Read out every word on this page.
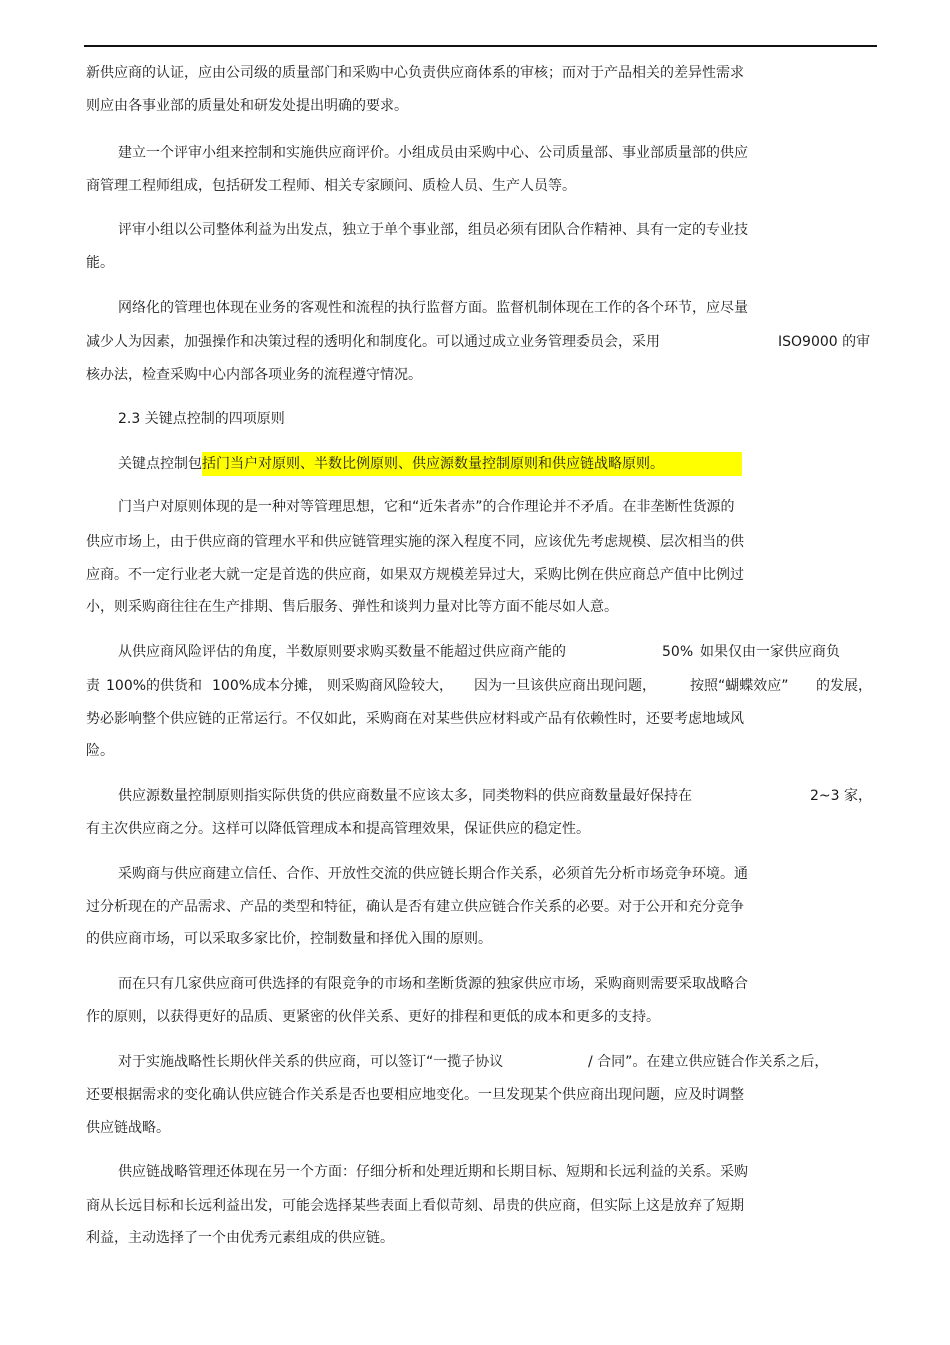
新供应商的认证，应由公司级的质量部门和采购中心负责供应商体系的审核；而对于产品相关的差异性需求
则应由各事业部的质量处和研发处提出明确的要求。
建立一个评审小组来控制和实施供应商评价。小组成员由采购中心、公司质量部、事业部质量部的供应
商管理工程师组成，包括研发工程师、相关专家顾问、质检人员、生产人员等。
评审小组以公司整体利益为出发点，独立于单个事业部，组员必须有团队合作精神、具有一定的专业技
能。
网络化的管理也体现在业务的客观性和流程的执行监督方面。监督机制体现在工作的各个环节，应尽量
减少人为因素，加强操作和决策过程的透明化和制度化。可以通过成立业务管理委员会，采用	ISO9000 的审
核办法，检查采购中心内部各项业务的流程遵守情况。
2.3 关键点控制的四项原则
关键点控制包括门当户对原则、半数比例原则、供应源数量控制原则和供应链战略原则。
门当户对原则体现的是一种对等管理思想，它和“近朱者赤”的合作理论并不矛盾。在非垄断性货源的
供应市场上，由于供应商的管理水平和供应链管理实施的深入程度不同，应该优先考虑规模、层次相当的供
应商。不一定行业老大就一定是首选的供应商，如果双方规模差异过大，采购比例在供应商总产值中比例过
小，则采购商往往在生产排期、售后服务、弹性和谈判力量对比等方面不能尽如人意。
从供应商风险评估的角度，半数原则要求购买数量不能超过供应商产能的	50% 如果仅由一家供应商负
责 100%的供货和 100%成本分摊， 则采购商风险较大， 因为一旦该供应商出现问题， 按照“蝴蝶效应” 的发展，
势必影响整个供应链的正常运行。不仅如此，采购商在对某些供应材料或产品有依赖性时，还要考虑地域风
险。
供应源数量控制原则指实际供货的供应商数量不应该太多，同类物料的供应商数量最好保持在	2~3 家，
有主次供应商之分。这样可以降低管理成本和提高管理效果，保证供应的稳定性。
采购商与供应商建立信任、合作、开放性交流的供应链长期合作关系，必须首先分析市场竞争环境。通
过分析现在的产品需求、产品的类型和特征，确认是否有建立供应链合作关系的必要。对于公开和充分竞争
的供应商市场，可以采取多家比价，控制数量和择优入围的原则。
而在只有几家供应商可供选择的有限竞争的市场和垄断货源的独家供应市场，采购商则需要采取战略合
作的原则，以获得更好的品质、更紧密的伙伴关系、更好的排程和更低的成本和更多的支持。
对于实施战略性长期伙伴关系的供应商，可以签订“一揽子协议	/ 合同”。在建立供应链合作关系之后，
还要根据需求的变化确认供应链合作关系是否也要相应地变化。一旦发现某个供应商出现问题，应及时调整
供应链战略。
供应链战略管理还体现在另一个方面：仔细分析和处理近期和长期目标、短期和长远利益的关系。采购
商从长远目标和长远利益出发，可能会选择某些表面上看似苛刻、昂贵的供应商，但实际上这是放弃了短期
利益，主动选择了一个由优秀元素组成的供应链。
